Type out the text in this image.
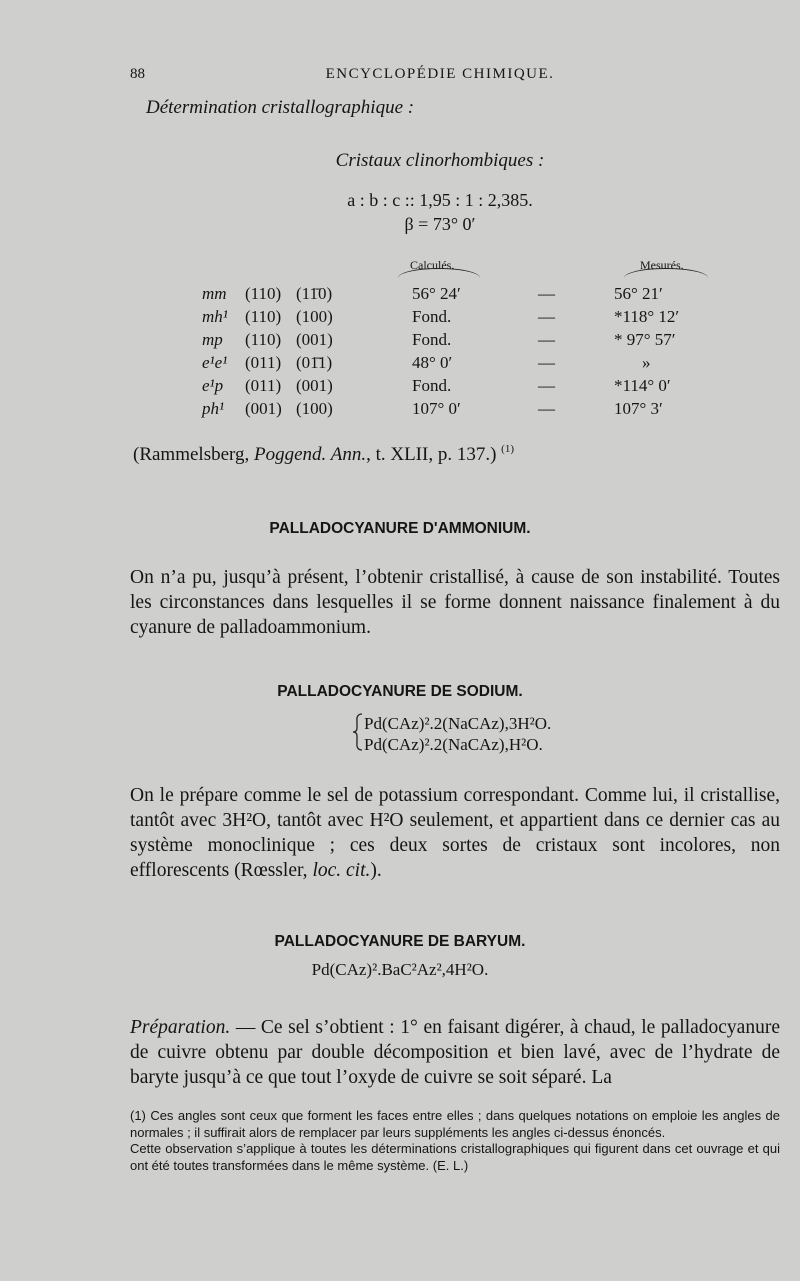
88	ENCYCLOPÉDIE CHIMIQUE.
Détermination cristallographique :
Cristaux clinorhombiques :
a : b : c :: 1,95 : 1 : 2,385.
β = 73° 0′
Calculés.	Mesurés.
mm (110) (11̄0)	56° 24′	—	56° 21′
mh¹ (110) (100)	Fond.	—	*118° 12′
mp (110) (001)	Fond.	—	* 97° 57′
e¹e¹ (011) (01̄1)	48° 0′	—	»
e¹p (011) (001)	Fond.	—	*114° 0′
ph¹ (001) (100)	107° 0′	—	107° 3′
(Rammelsberg, Poggend. Ann., t. XLII, p. 137.) $^{(1)}$
PALLADOCYANURE D'AMMONIUM.
On n’a pu, jusqu’à présent, l’obtenir cristallisé, à cause de son instabilité. Toutes les circonstances dans lesquelles il se forme donnent naissance finalement à du cyanure de palladoammonium.
PALLADOCYANURE DE SODIUM.
Pd(CAz)².2(NaCAz),3H²O.
Pd(CAz)².2(NaCAz),H²O.
On le prépare comme le sel de potassium correspondant. Comme lui, il cristallise, tantôt avec 3H²O, tantôt avec H²O seulement, et appartient dans ce dernier cas au système monoclinique ; ces deux sortes de cristaux sont incolores, non efflorescents (Rœssler, loc. cit.).
PALLADOCYANURE DE BARYUM.
Pd(CAz)².BaC²Az²,4H²O.
Préparation. — Ce sel s’obtient : 1° en faisant digérer, à chaud, le palladocyanure de cuivre obtenu par double décomposition et bien lavé, avec de l’hydrate de baryte jusqu’à ce que tout l’oxyde de cuivre se soit séparé. La

(1) Ces angles sont ceux que forment les faces entre elles ; dans quelques notations on emploie les angles de normales ; il suffirait alors de remplacer par leurs suppléments les angles ci-dessus énoncés.

Cette observation s’applique à toutes les déterminations cristallographiques qui figurent dans cet ouvrage et qui ont été toutes transformées dans le même système. (E. L.)
